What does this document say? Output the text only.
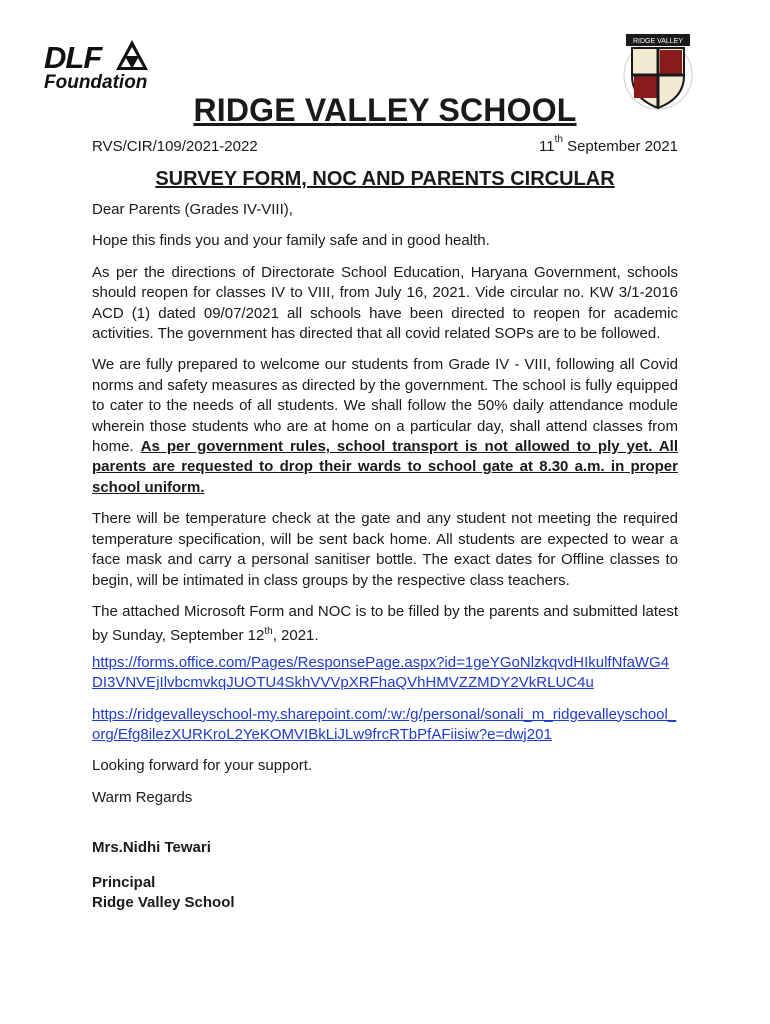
DLF
Foundation
RIDGE VALLEY
RIDGE VALLEY SCHOOL
RVS/CIR/109/2021-2022	11th September 2021
SURVEY FORM, NOC AND PARENTS CIRCULAR

Dear Parents (Grades IV-VIII),

Hope this finds you and your family safe and in good health.

As per the directions of Directorate School Education, Haryana Government, schools should reopen for classes IV to VIII, from July 16, 2021. Vide circular no. KW 3/1-2016 ACD (1) dated 09/07/2021 all schools have been directed to reopen for academic activities. The government has directed that all covid related SOPs are to be followed.

We are fully prepared to welcome our students from Grade IV - VIII, following all Covid norms and safety measures as directed by the government. The school is fully equipped to cater to the needs of all students. We shall follow the 50% daily attendance module wherein those students who are at home on a particular day, shall attend classes from home. As per government rules, school transport is not allowed to ply yet. All parents are requested to drop their wards to school gate at 8.30 a.m. in proper school uniform.

There will be temperature check at the gate and any student not meeting the required temperature specification, will be sent back home. All students are expected to wear a face mask and carry a personal sanitiser bottle. The exact dates for Offline classes to begin, will be intimated in class groups by the respective class teachers.

The attached Microsoft Form and NOC is to be filled by the parents and submitted latest by Sunday, September 12th, 2021.

https://forms.office.com/Pages/ResponsePage.aspx?id=1geYGoNlzkqvdHIkulfNfaWG4DI3VNVEjIlvbcmvkqJUOTU4SkhVVVpXRFhaQVhHMVZZMDY2VkRLUC4u

https://ridgevalleyschool-my.sharepoint.com/:w:/g/personal/sonali_m_ridgevalleyschool_org/Efg8ilezXURKroL2YeKOMVIBkLiJLw9frcRTbPfAFiisiw?e=dwj201

Looking forward for your support.

Warm Regards

Mrs.Nidhi Tewari

Principal

Ridge Valley School
